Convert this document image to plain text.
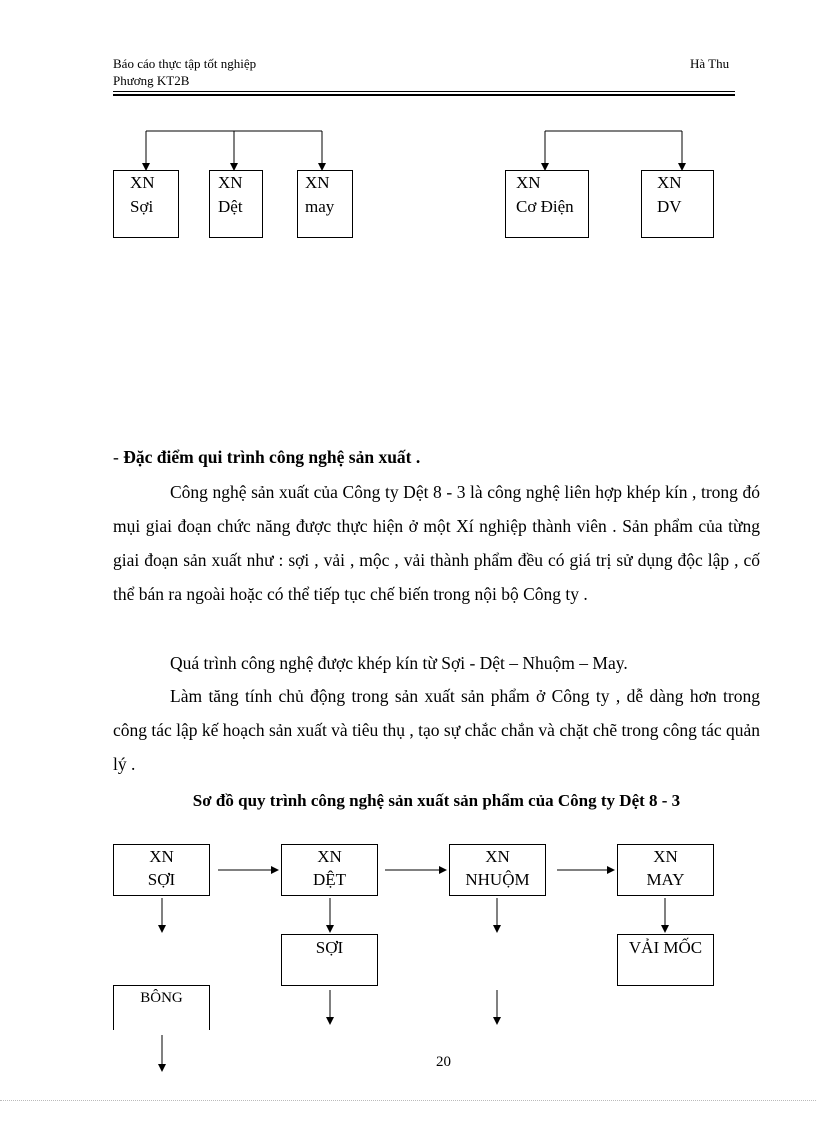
Báo cáo thực tập tốt nghiệp
Phương KT2B
Hà Thu
XN
Sợi
XN
Dệt
XN
may
XN
Cơ Điện
XN
DV
- Đặc điểm qui trình công nghệ sản xuất .
Công nghệ sản xuất của Công ty Dệt 8 - 3 là công nghệ liên hợp khép kín , trong đó mụi giai đoạn chức năng được thực hiện ở một Xí nghiệp thành viên . Sản phẩm của từng giai đoạn sản xuất như : sợi , vải , mộc , vải thành phẩm đều có giá trị sử dụng độc lập , cố thể bán ra ngoài hoặc có thể tiếp tục chế biến trong nội bộ Công ty .
Quá trình công nghệ được khép kín từ Sợi - Dệt – Nhuộm – May.
Làm tăng tính chủ động trong sản xuất sản phẩm ở Công ty , dễ dàng hơn trong công tác lập kế hoạch sản xuất và tiêu thụ , tạo sự chắc chắn và chặt chẽ trong công tác quản lý .
Sơ đồ quy trình công nghệ sản xuất sản phẩm của Công ty Dệt 8 - 3
XN
SỢI
XN
DỆT
XN
NHUỘM
XN
MAY
SỢI	VẢI MỐC
BÔNG
20
